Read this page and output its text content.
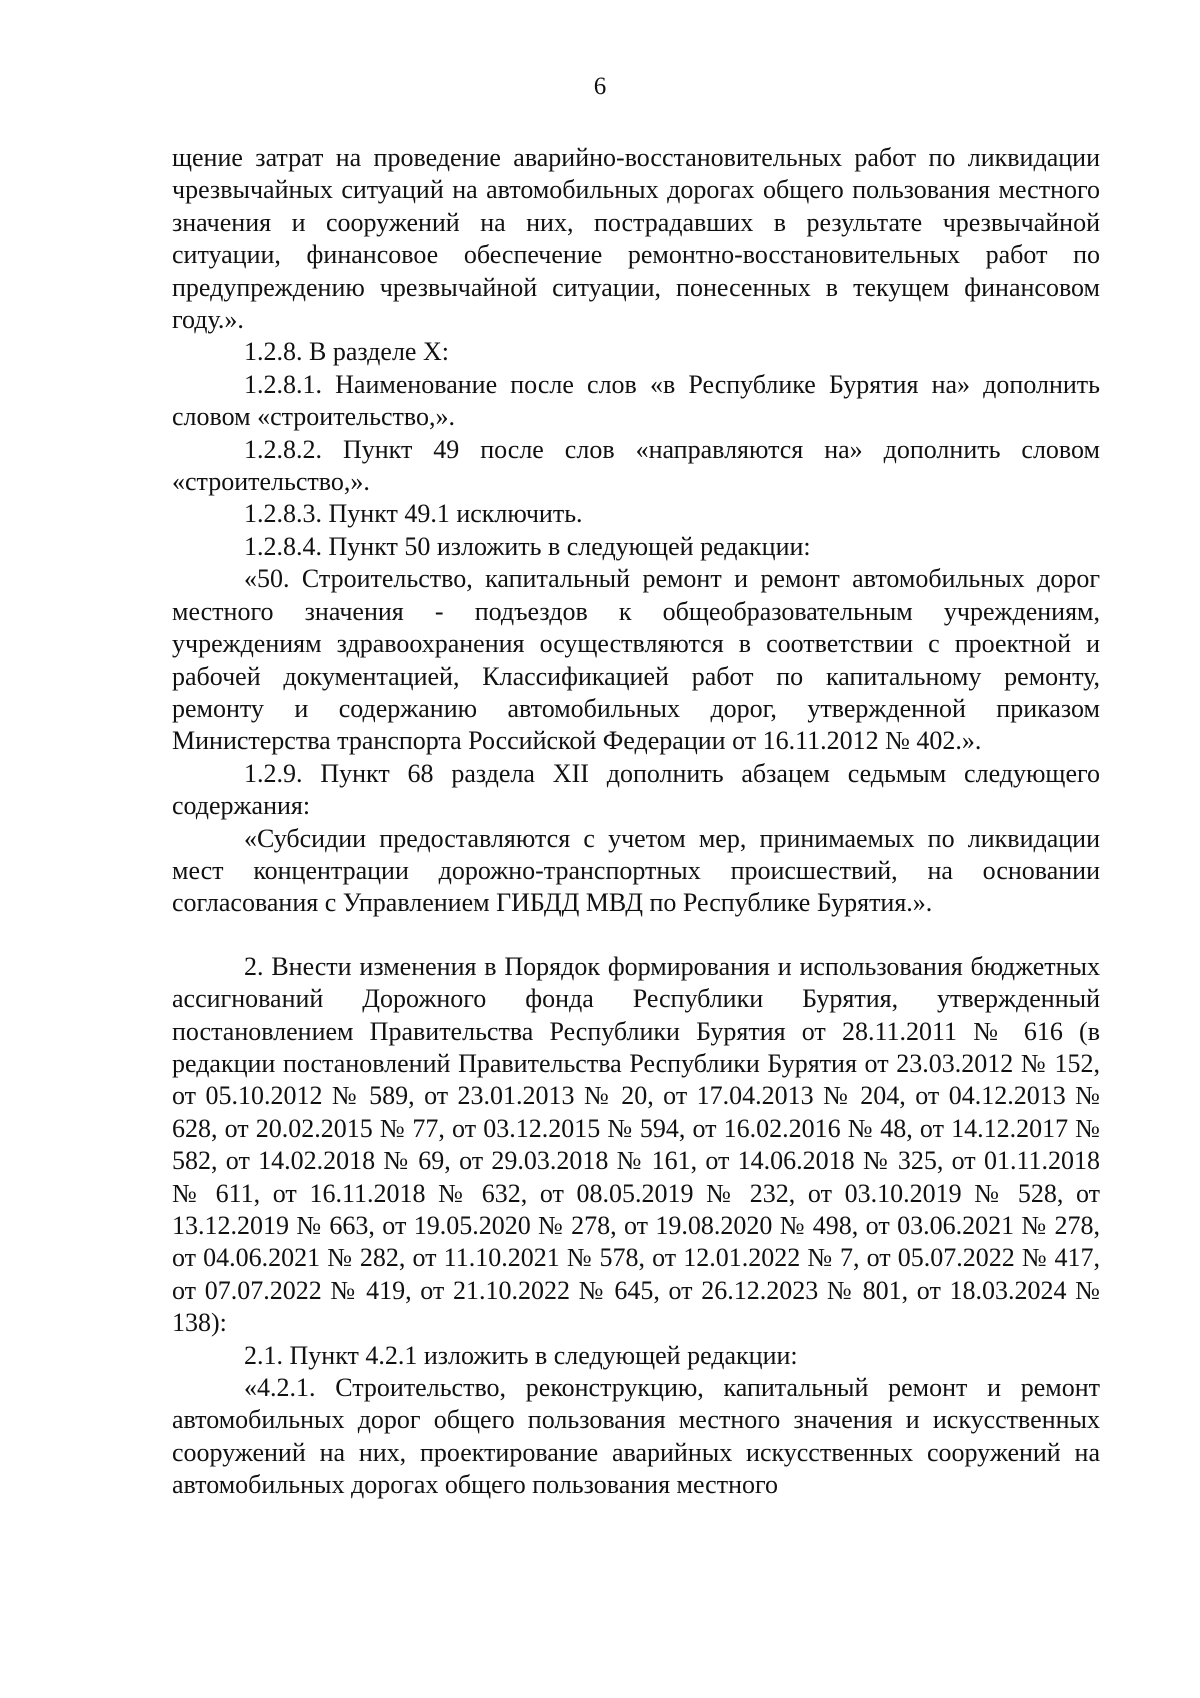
6

щение затрат на проведение аварийно-восстановительных работ по ликвидации чрезвычайных ситуаций на автомобильных дорогах общего пользования местного значения и сооружений на них, пострадавших в результате чрезвычайной ситуации, финансовое обеспечение ремонтно-восстановительных работ по предупреждению чрезвычайной ситуации, понесенных в текущем финансовом году.».

1.2.8. В разделе X:

1.2.8.1. Наименование после слов «в Республике Бурятия на» дополнить словом «строительство,».

1.2.8.2. Пункт 49 после слов «направляются на» дополнить словом «строительство,».

1.2.8.3. Пункт 49.1 исключить.

1.2.8.4. Пункт 50 изложить в следующей редакции:

«50. Строительство, капитальный ремонт и ремонт автомобильных дорог местного значения - подъездов к общеобразовательным учреждениям, учреждениям здравоохранения осуществляются в соответствии с проектной и рабочей документацией, Классификацией работ по капитальному ремонту, ремонту и содержанию автомобильных дорог, утвержденной приказом Министерства транспорта Российской Федерации от 16.11.2012 № 402.».

1.2.9. Пункт 68 раздела XII дополнить абзацем седьмым следующего содержания:

«Субсидии предоставляются с учетом мер, принимаемых по ликвидации мест концентрации дорожно-транспортных происшествий, на основании согласования с Управлением ГИБДД МВД по Республике Бурятия.».

2. Внести изменения в Порядок формирования и использования бюджетных ассигнований Дорожного фонда Республики Бурятия, утвержденный постановлением Правительства Республики Бурятия от 28.11.2011 № 616 (в редакции постановлений Правительства Республики Бурятия от 23.03.2012 № 152, от 05.10.2012 № 589, от 23.01.2013 № 20, от 17.04.2013 № 204, от 04.12.2013 № 628, от 20.02.2015 № 77, от 03.12.2015 № 594, от 16.02.2016 № 48, от 14.12.2017 № 582, от 14.02.2018 № 69, от 29.03.2018 № 161, от 14.06.2018 № 325, от 01.11.2018 № 611, от 16.11.2018 № 632, от 08.05.2019 № 232, от 03.10.2019 № 528, от 13.12.2019 № 663, от 19.05.2020 № 278, от 19.08.2020 № 498, от 03.06.2021 № 278, от 04.06.2021 № 282, от 11.10.2021 № 578, от 12.01.2022 № 7, от 05.07.2022 № 417, от 07.07.2022 № 419, от 21.10.2022 № 645, от 26.12.2023 № 801, от 18.03.2024 № 138):

2.1. Пункт 4.2.1 изложить в следующей редакции:

«4.2.1. Строительство, реконструкцию, капитальный ремонт и ремонт автомобильных дорог общего пользования местного значения и искусственных сооружений на них, проектирование аварийных искусственных сооружений на автомобильных дорогах общего пользования местного
